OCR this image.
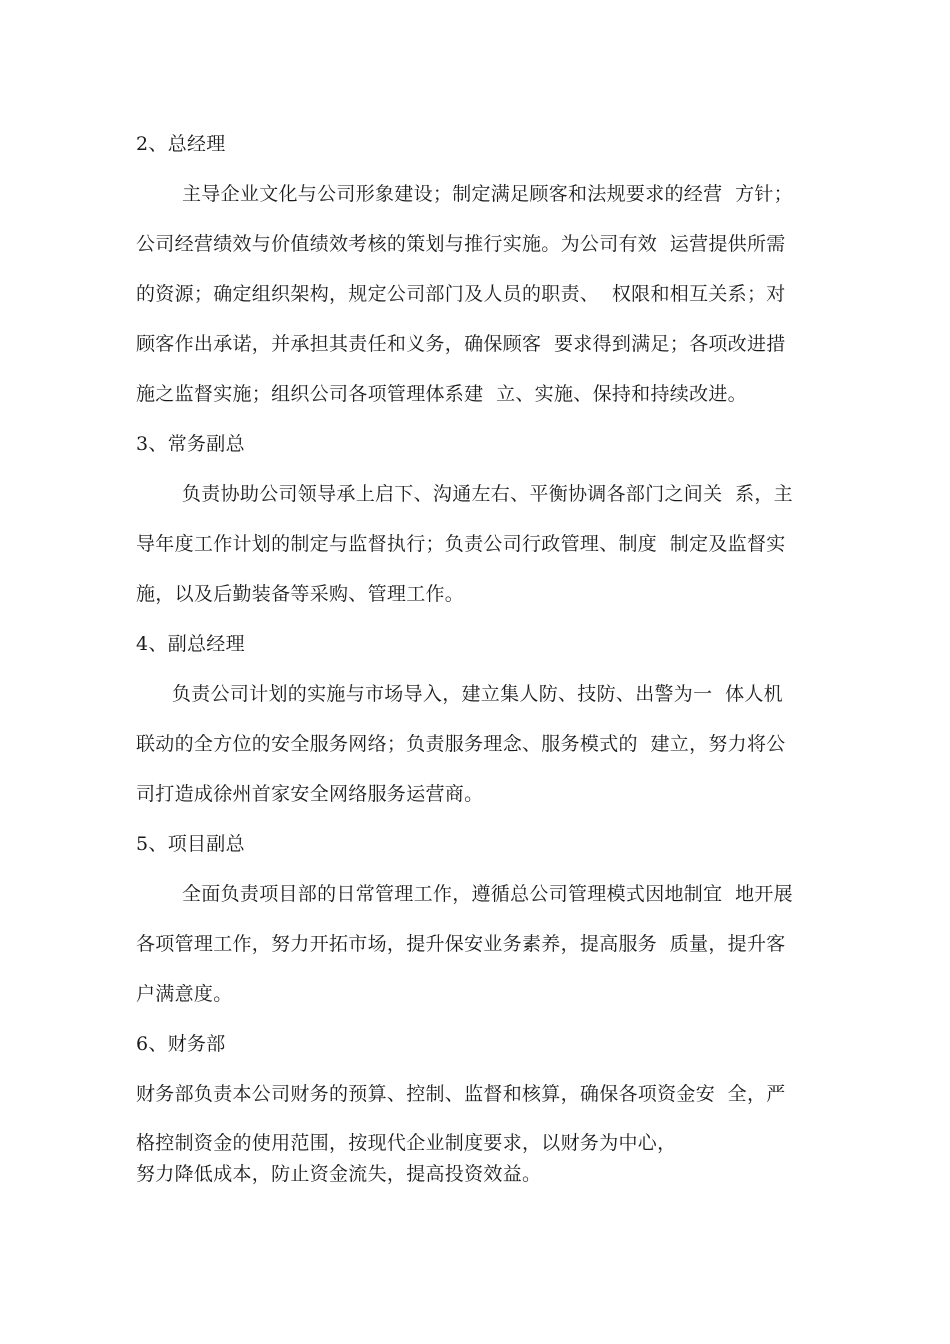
2、总经理
主导企业文化与公司形象建设；制定满足顾客和法规要求的经营  方针；
公司经营绩效与价值绩效考核的策划与推行实施。为公司有效  运营提供所需
的资源；确定组织架构，规定公司部门及人员的职责、  权限和相互关系；对
顾客作出承诺，并承担其责任和义务，确保顾客  要求得到满足；各项改进措
施之监督实施；组织公司各项管理体系建  立、实施、保持和持续改进。
3、常务副总
负责协助公司领导承上启下、沟通左右、平衡协调各部门之间关  系，主
导年度工作计划的制定与监督执行；负责公司行政管理、制度  制定及监督实
施，以及后勤装备等采购、管理工作。
4、副总经理
负责公司计划的实施与市场导入，建立集人防、技防、出警为一  体人机
联动的全方位的安全服务网络；负责服务理念、服务模式的  建立，努力将公
司打造成徐州首家安全网络服务运营商。
5、项目副总
全面负责项目部的日常管理工作，遵循总公司管理模式因地制宜  地开展
各项管理工作，努力开拓市场，提升保安业务素养，提高服务  质量，提升客
户满意度。
6、财务部
财务部负责本公司财务的预算、控制、监督和核算，确保各项资金安  全，严
格控制资金的使用范围，按现代企业制度要求，以财务为中心，
努力降低成本，防止资金流失，提高投资效益。
